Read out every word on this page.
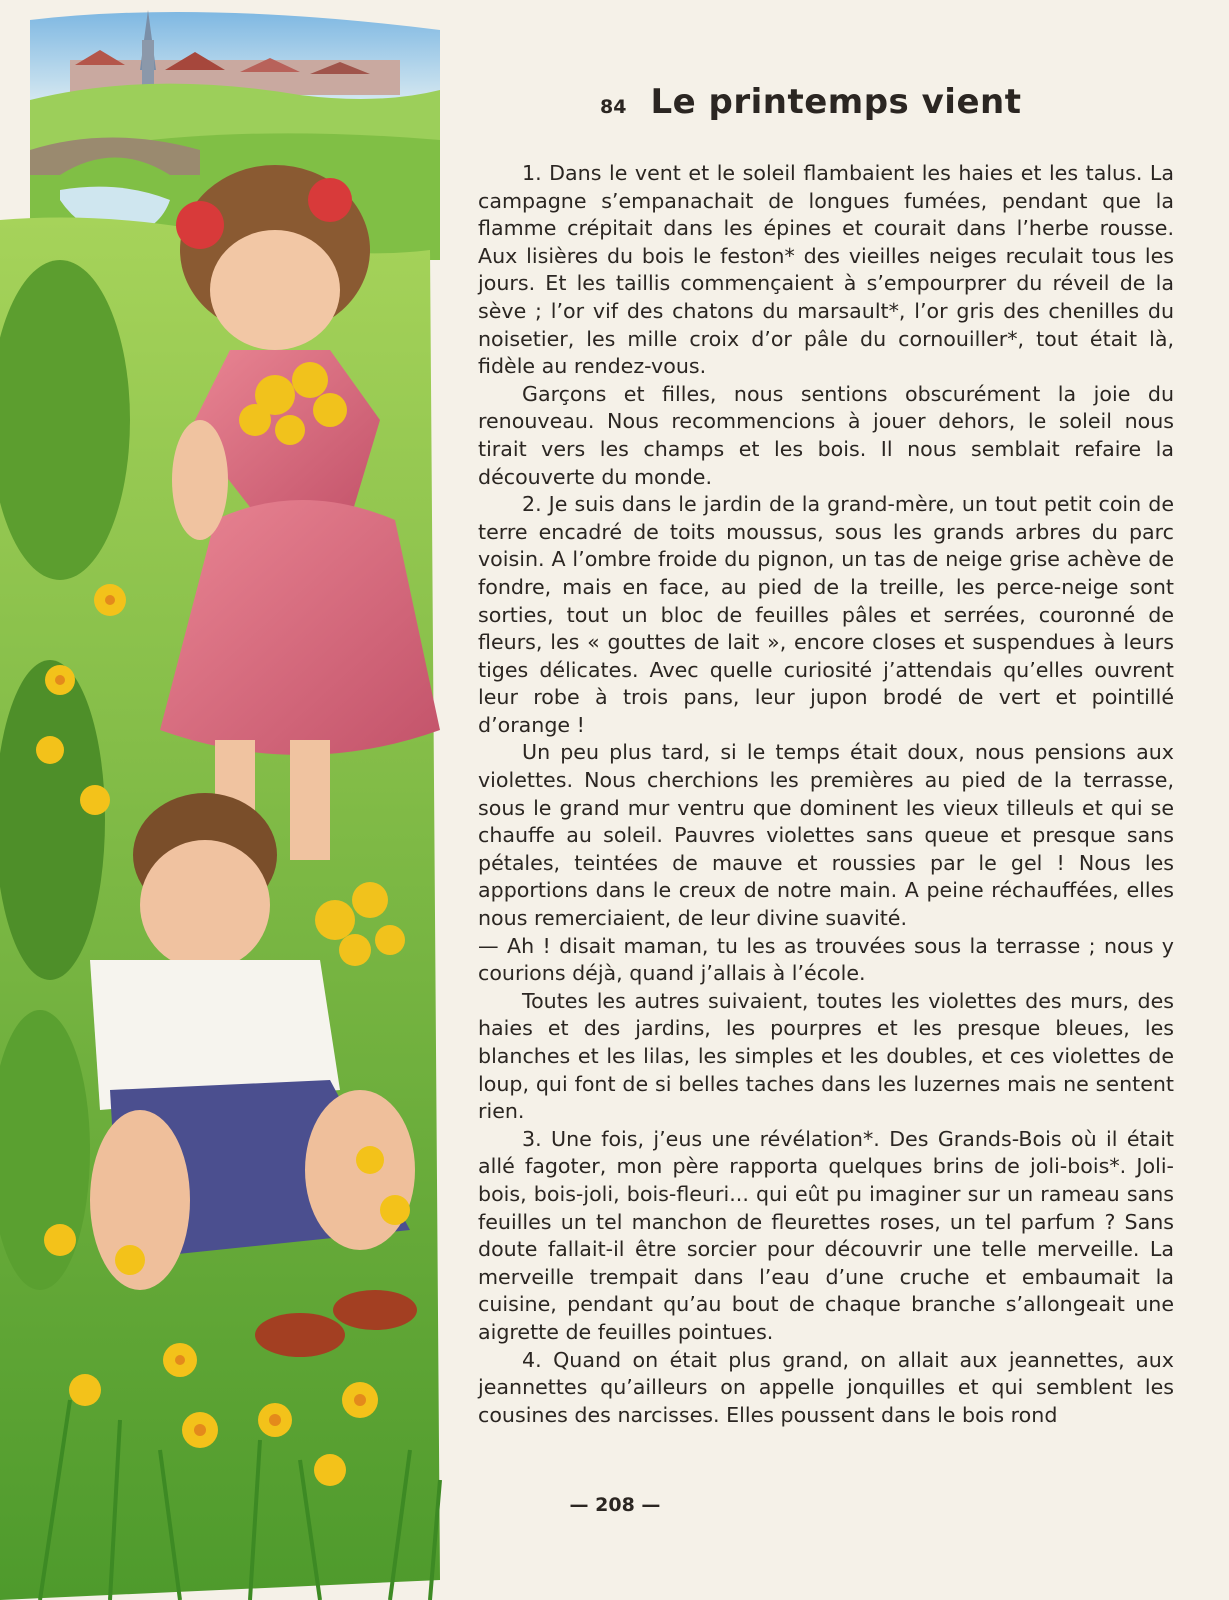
84 Le printemps vient

1. Dans le vent et le soleil flambaient les haies et les talus. La campagne s’empanachait de longues fumées, pendant que la flamme crépitait dans les épines et courait dans l’herbe rousse. Aux lisières du bois le feston* des vieilles neiges reculait tous les jours. Et les taillis commençaient à s’empourprer du réveil de la sève ; l’or vif des chatons du marsault*, l’or gris des chenilles du noisetier, les mille croix d’or pâle du cornouiller*, tout était là, fidèle au rendez-vous.

Garçons et filles, nous sentions obscurément la joie du renouveau. Nous recommencions à jouer dehors, le soleil nous tirait vers les champs et les bois. Il nous semblait refaire la découverte du monde.

2. Je suis dans le jardin de la grand-mère, un tout petit coin de terre encadré de toits moussus, sous les grands arbres du parc voisin. A l’ombre froide du pignon, un tas de neige grise achève de fondre, mais en face, au pied de la treille, les perce-neige sont sorties, tout un bloc de feuilles pâles et serrées, couronné de fleurs, les « gouttes de lait », encore closes et suspendues à leurs tiges délicates. Avec quelle curiosité j’attendais qu’elles ouvrent leur robe à trois pans, leur jupon brodé de vert et pointillé d’orange !

Un peu plus tard, si le temps était doux, nous pensions aux violettes. Nous cherchions les premières au pied de la terrasse, sous le grand mur ventru que dominent les vieux tilleuls et qui se chauffe au soleil. Pauvres violettes sans queue et presque sans pétales, teintées de mauve et roussies par le gel ! Nous les apportions dans le creux de notre main. A peine réchauffées, elles nous remerciaient, de leur divine suavité.

— Ah ! disait maman, tu les as trouvées sous la terrasse ; nous y courions déjà, quand j’allais à l’école.

Toutes les autres suivaient, toutes les violettes des murs, des haies et des jardins, les pourpres et les presque bleues, les blanches et les lilas, les simples et les doubles, et ces violettes de loup, qui font de si belles taches dans les luzernes mais ne sentent rien.

3. Une fois, j’eus une révélation*. Des Grands-Bois où il était allé fagoter, mon père rapporta quelques brins de joli-bois*. Joli-bois, bois-joli, bois-fleuri... qui eût pu imaginer sur un rameau sans feuilles un tel manchon de fleurettes roses, un tel parfum ? Sans doute fallait-il être sorcier pour découvrir une telle merveille. La merveille trempait dans l’eau d’une cruche et embaumait la cuisine, pendant qu’au bout de chaque branche s’allongeait une aigrette de feuilles pointues.

4. Quand on était plus grand, on allait aux jeannettes, aux jeannettes qu’ailleurs on appelle jonquilles et qui semblent les cousines des narcisses. Elles poussent dans le bois rond

— 208 —
